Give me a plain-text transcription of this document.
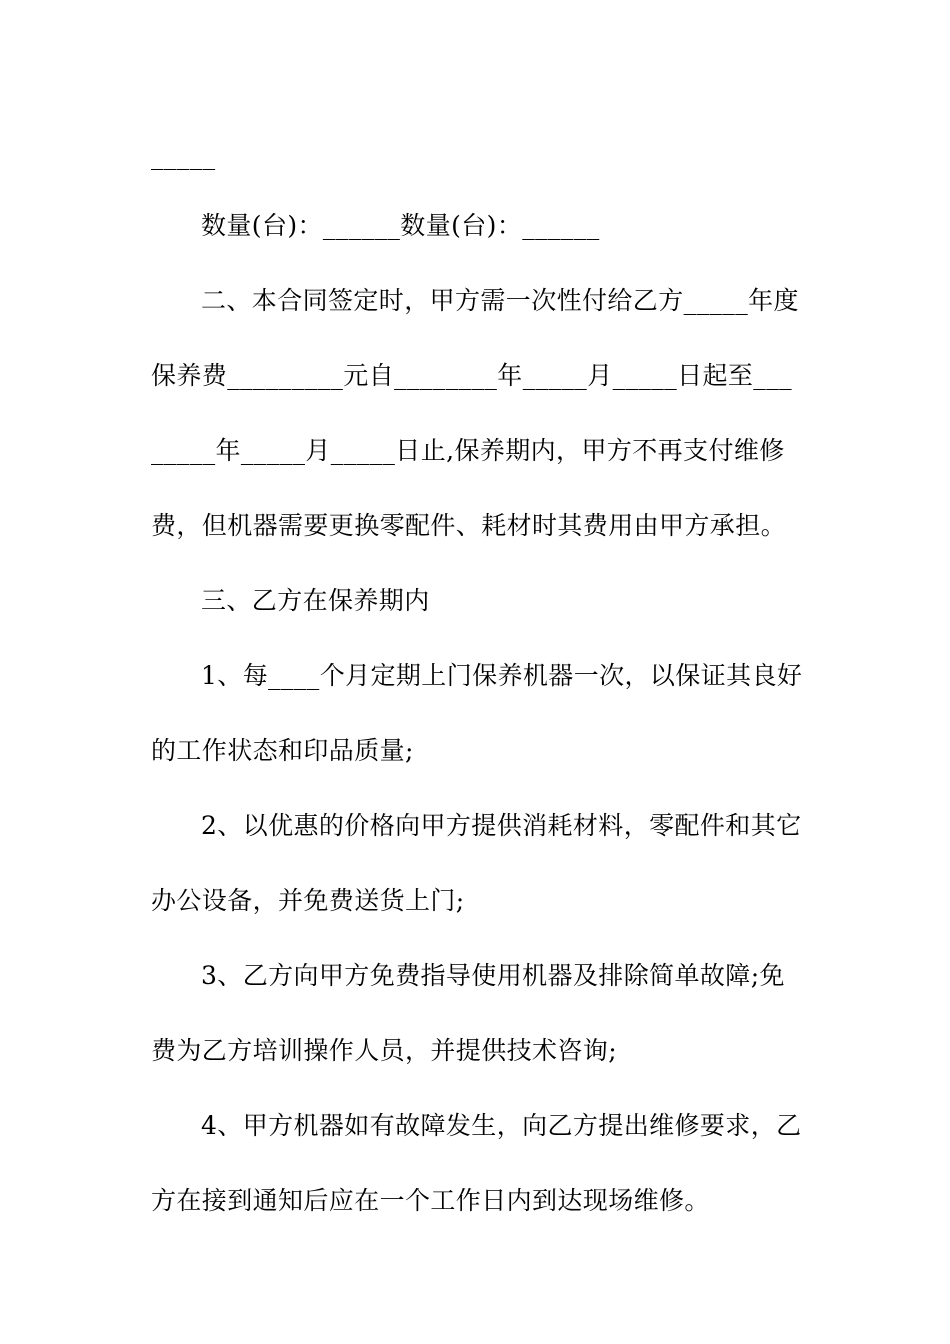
_____
数量(台)：______数量(台)：______
二、本合同签定时，甲方需一次性付给乙方_____年度
保养费_________元自________年_____月_____日起至___
_____年_____月_____日止,保养期内，甲方不再支付维修
费，但机器需要更换零配件、耗材时其费用由甲方承担。
三、乙方在保养期内
1、每____个月定期上门保养机器一次，以保证其良好
的工作状态和印品质量;
2、以优惠的价格向甲方提供消耗材料，零配件和其它
办公设备，并免费送货上门;
3、乙方向甲方免费指导使用机器及排除简单故障;免
费为乙方培训操作人员，并提供技术咨询;
4、甲方机器如有故障发生，向乙方提出维修要求，乙
方在接到通知后应在一个工作日内到达现场维修。
